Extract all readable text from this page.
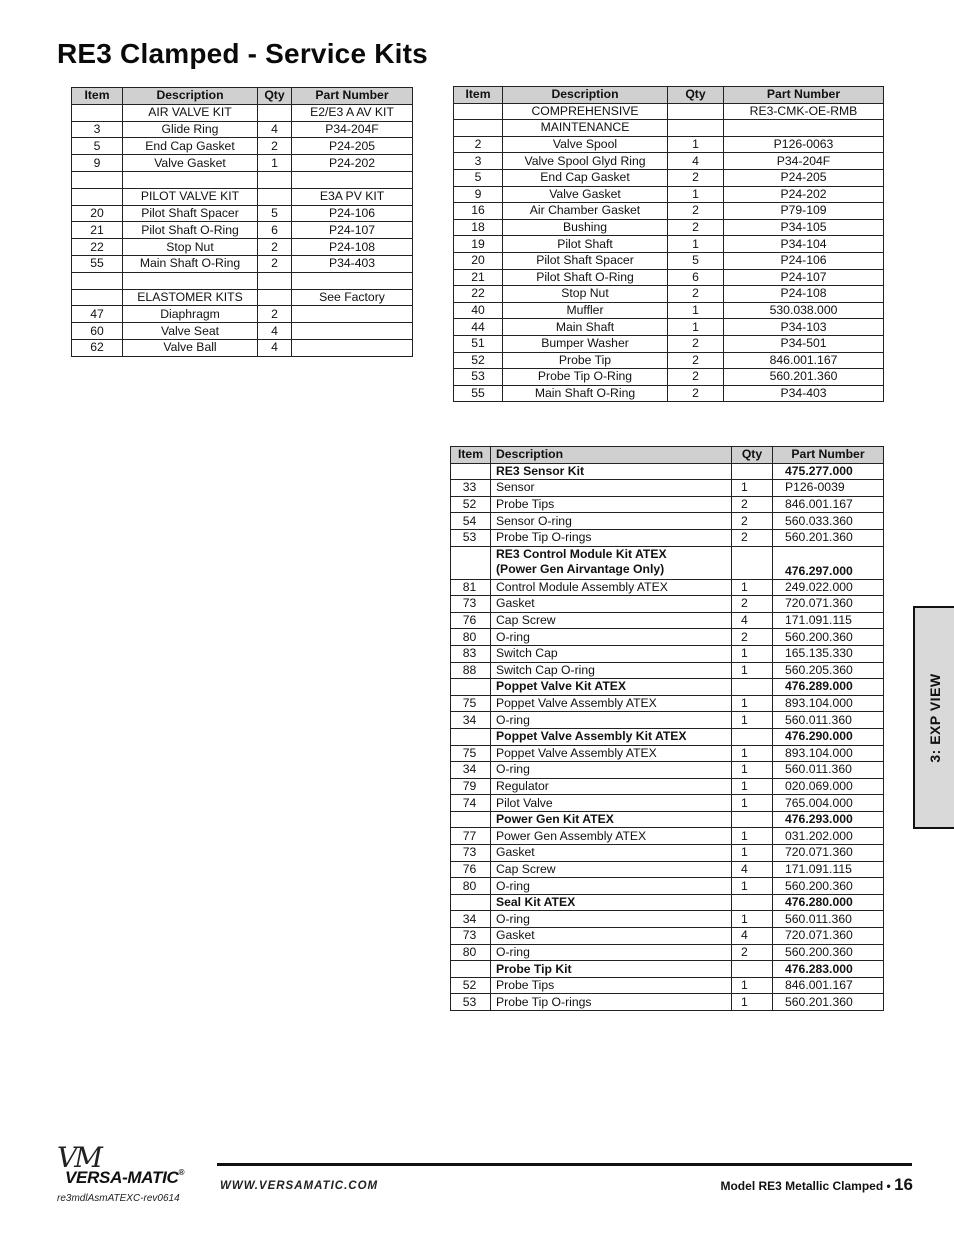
RE3 Clamped - Service Kits
Item	Description	Qty	Part Number
	AIR VALVE KIT		E2/E3 A AV KIT
3	Glide Ring	4	P34-204F
5	End Cap Gasket	2	P24-205
9	Valve Gasket	1	P24-202

	PILOT VALVE KIT		E3A PV KIT
20	Pilot Shaft Spacer	5	P24-106
21	Pilot Shaft O-Ring	6	P24-107
22	Stop Nut	2	P24-108
55	Main Shaft O-Ring	2	P34-403

	ELASTOMER KITS		See Factory
47	Diaphragm	2	
60	Valve Seat	4	
62	Valve Ball	4	
Item	Description	Qty	Part Number
	COMPREHENSIVE		RE3-CMK-OE-RMB
	MAINTENANCE		
2	Valve Spool	1	P126-0063
3	Valve Spool Glyd Ring	4	P34-204F
5	End Cap Gasket	2	P24-205
9	Valve Gasket	1	P24-202
16	Air Chamber Gasket	2	P79-109
18	Bushing	2	P34-105
19	Pilot Shaft	1	P34-104
20	Pilot Shaft Spacer	5	P24-106
21	Pilot Shaft O-Ring	6	P24-107
22	Stop Nut	2	P24-108
40	Muffler	1	530.038.000
44	Main Shaft	1	P34-103
51	Bumper Washer	2	P34-501
52	Probe Tip	2	846.001.167
53	Probe Tip O-Ring	2	560.201.360
55	Main Shaft O-Ring	2	P34-403
Item	Description	Qty	Part Number
	RE3 Sensor Kit		475.277.000
33	Sensor	1	P126-0039
52	Probe Tips	2	846.001.167
54	Sensor O-ring	2	560.033.360
53	Probe Tip O-rings	2	560.201.360

	RE3 Control Module Kit ATEX
(Power Gen Airvantage Only)		476.297.000
81	Control Module Assembly ATEX	1	249.022.000
73	Gasket	2	720.071.360
76	Cap Screw	4	171.091.115
80	O-ring	2	560.200.360
83	Switch Cap	1	165.135.330
88	Switch Cap O-ring	1	560.205.360
	Poppet Valve Kit ATEX		476.289.000
75	Poppet Valve Assembly ATEX	1	893.104.000
34	O-ring	1	560.011.360
	Poppet Valve Assembly Kit ATEX		476.290.000
75	Poppet Valve Assembly ATEX	1	893.104.000
34	O-ring	1	560.011.360
79	Regulator	1	020.069.000
74	Pilot Valve	1	765.004.000
	Power Gen Kit ATEX		476.293.000
77	Power Gen Assembly ATEX	1	031.202.000
73	Gasket	1	720.071.360
76	Cap Screw	4	171.091.115
80	O-ring	1	560.200.360
	Seal Kit ATEX		476.280.000
34	O-ring	1	560.011.360
73	Gasket	4	720.071.360
80	O-ring	2	560.200.360
	Probe Tip Kit		476.283.000
52	Probe Tips	1	846.001.167
53	Probe Tip O-rings	1	560.201.360
3: EXP VIEW
VM
VERSA-MATIC®
re3mdlAsmATEXC-rev0614
WWW.VERSAMATIC.COM	Model RE3 Metallic Clamped • 16
